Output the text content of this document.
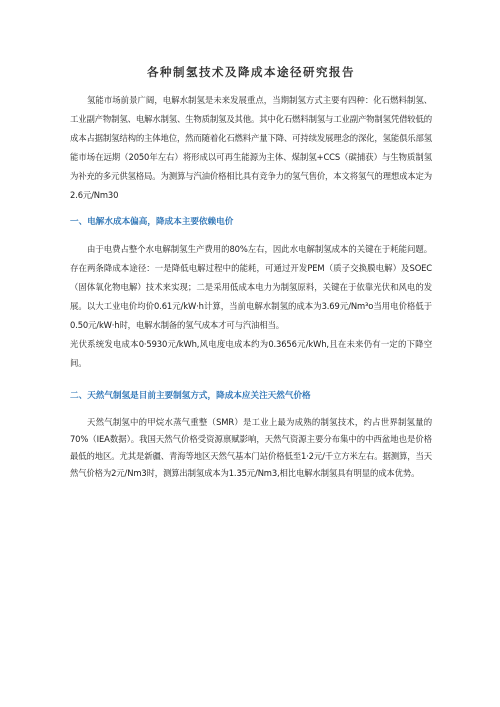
各种制氢技术及降成本途径研究报告

氢能市场前景广阔，电解水制氢是未来发展重点，当期制氢方式主要有四种：化石燃料制氢、工业副产物制氢、电解水制氢、生物质制氢及其他。其中化石燃料制氢与工业副产物制氢凭借较低的成本占据制氢结构的主体地位，然而随着化石燃料产量下降、可持续发展理念的深化，氢能俱乐部氢能市场在远期（2050年左右）将形成以可再生能源为主体、煤制氢+CCS（碳捕获）与生物质制氢为补充的多元供氢格局。为测算与汽油价格相比具有竞争力的氢气售价，本文将氢气的理想成本定为2.6元/Nm30

一、电解水成本偏高，降成本主要依赖电价

由于电费占整个水电解制氢生产费用的80%左右，因此水电解制氢成本的关键在于耗能问题。存在两条降成本途径：一是降低电解过程中的能耗，可通过开发PEM（质子交换膜电解）及SOEC（固体氧化物电解）技术来实现；二是采用低成本电力为制氢原料，关键在于依靠光伏和风电的发展。以大工业电价均价0.61元/kW·h计算，当前电解水制氢的成本为3.69元/Nm³o当用电价格低于0.50元/kW·h时，电解水制备的氢气成本才可与汽油相当。

光伏系统发电成本0·5930元/kWh,风电度电成本约为0.3656元/kWh,且在未来仍有一定的下降空间。

二、天然气制氢是目前主要制氢方式，降成本应关注天然气价格

天然气制氢中的甲烷水蒸气重整（SMR）是工业上最为成熟的制氢技术，约占世界制氢量的70%（IEA数据）。我国天然气价格受资源禀赋影响，天然气资源主要分布集中的中西盆地也是价格最低的地区。尤其是新疆、青海等地区天然气基本门站价格低至1·2元/千立方米左右。据测算，当天然气价格为2元/Nm3时，测算出制氢成本为1.35元/Nm3,相比电解水制氢具有明显的成本优势。
